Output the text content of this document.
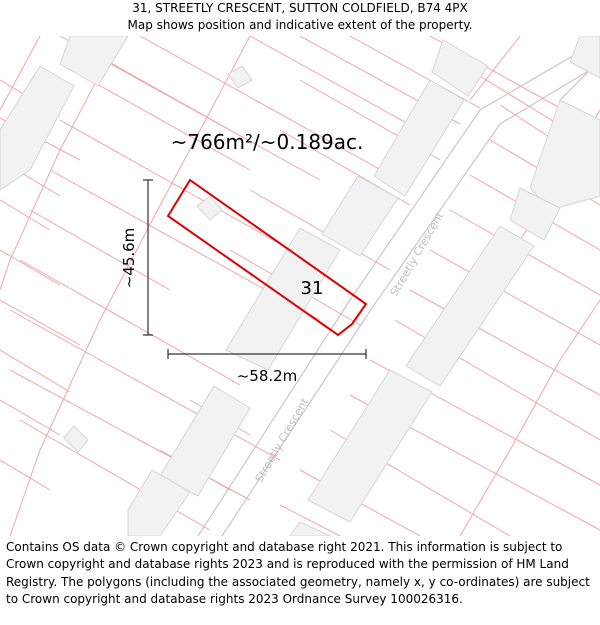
31, STREETLY CRESCENT, SUTTON COLDFIELD, B74 4PX
Map shows position and indicative extent of the property.
~766m²/~0.189ac.
31
~45.6m
~58.2m
Streetly Crescent
Streetly Crescent
Contains OS data © Crown copyright and database right 2021. This information is subject to Crown copyright and database rights 2023 and is reproduced with the permission of HM Land Registry. The polygons (including the associated geometry, namely x, y co-ordinates) are subject to Crown copyright and database rights 2023 Ordnance Survey 100026316.
